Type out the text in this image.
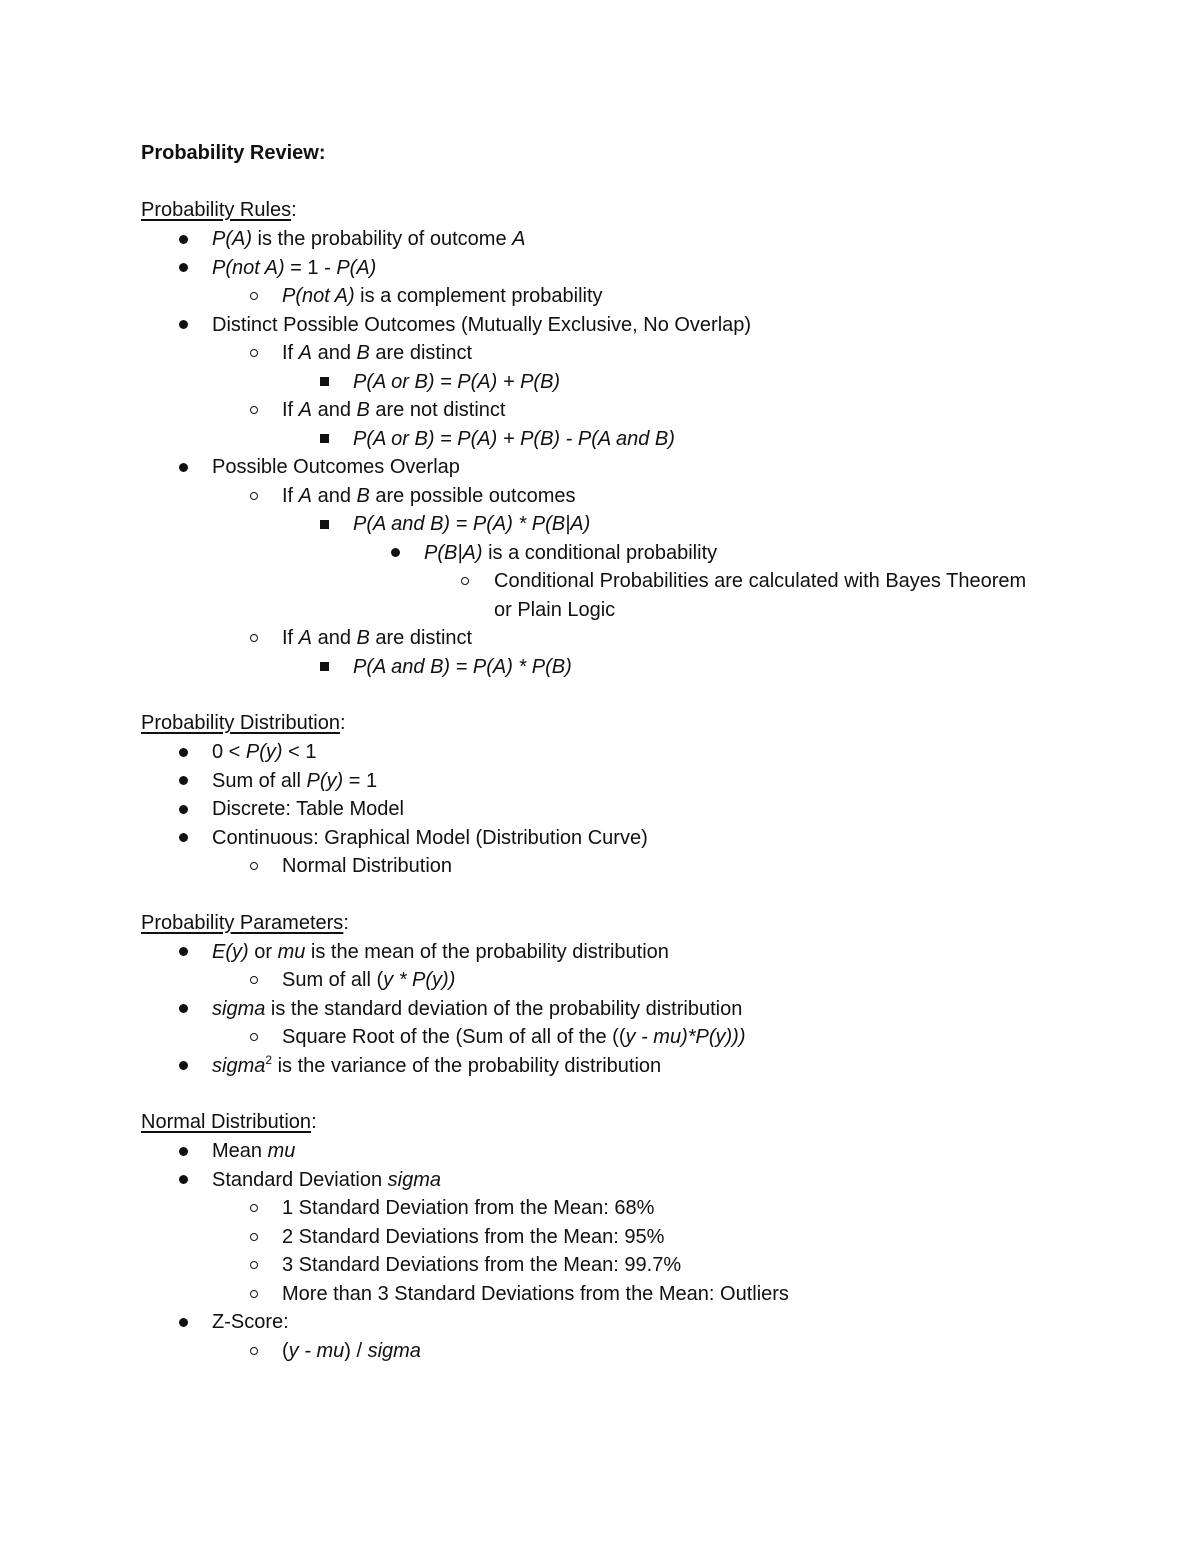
Probability Review:
Probability Rules:
P(A) is the probability of outcome A
P(not A) = 1 - P(A)
P(not A) is a complement probability
Distinct Possible Outcomes (Mutually Exclusive, No Overlap)
If A and B are distinct
P(A or B) = P(A) + P(B)
If A and B are not distinct
P(A or B) = P(A) + P(B) - P(A and B)
Possible Outcomes Overlap
If A and B are possible outcomes
P(A and B) = P(A) * P(B|A)
P(B|A) is a conditional probability
Conditional Probabilities are calculated with Bayes Theorem or Plain Logic
If A and B are distinct
P(A and B) = P(A) * P(B)
Probability Distribution:
0 < P(y) < 1
Sum of all P(y) = 1
Discrete: Table Model
Continuous: Graphical Model (Distribution Curve)
Normal Distribution
Probability Parameters:
E(y) or mu is the mean of the probability distribution
Sum of all (y * P(y))
sigma is the standard deviation of the probability distribution
Square Root of the (Sum of all of the ((y - mu)*P(y)))
sigma$^2$ is the variance of the probability distribution
Normal Distribution:
Mean mu
Standard Deviation sigma
1 Standard Deviation from the Mean: 68%
2 Standard Deviations from the Mean: 95%
3 Standard Deviations from the Mean: 99.7%
More than 3 Standard Deviations from the Mean: Outliers
Z-Score:
(y - mu) / sigma
